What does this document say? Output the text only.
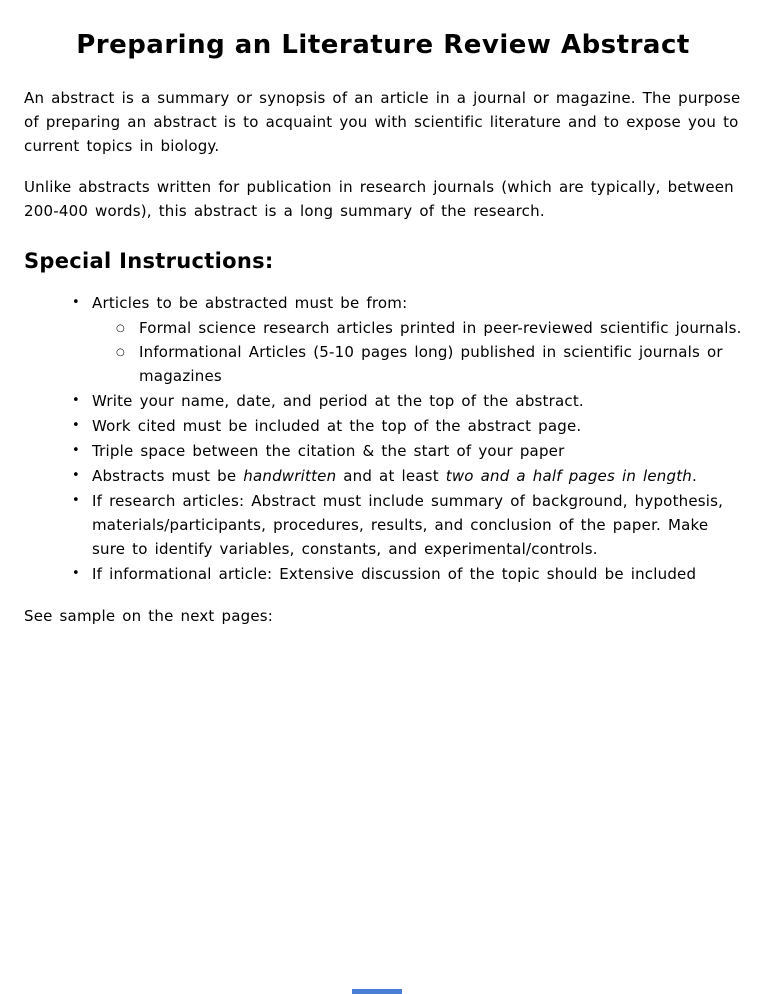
Preparing an Literature Review Abstract

An abstract is a summary or synopsis of an article in a journal or magazine. The purpose of preparing an abstract is to acquaint you with scientific literature and to expose you to current topics in biology.

Unlike abstracts written for publication in research journals (which are typically, between 200-400 words), this abstract is a long summary of the research.

Special Instructions:
• Articles to be abstracted must be from:
○ Formal science research articles printed in peer-reviewed scientific journals.
○ Informational Articles (5-10 pages long) published in scientific journals or magazines
• Write your name, date, and period at the top of the abstract.
• Work cited must be included at the top of the abstract page.
• Triple space between the citation & the start of your paper
• Abstracts must be handwritten and at least two and a half pages in length.
• If research articles: Abstract must include summary of background, hypothesis, materials/participants, procedures, results, and conclusion of the paper. Make sure to identify variables, constants, and experimental/controls.
• If informational article: Extensive discussion of the topic should be included

See sample on the next pages:
